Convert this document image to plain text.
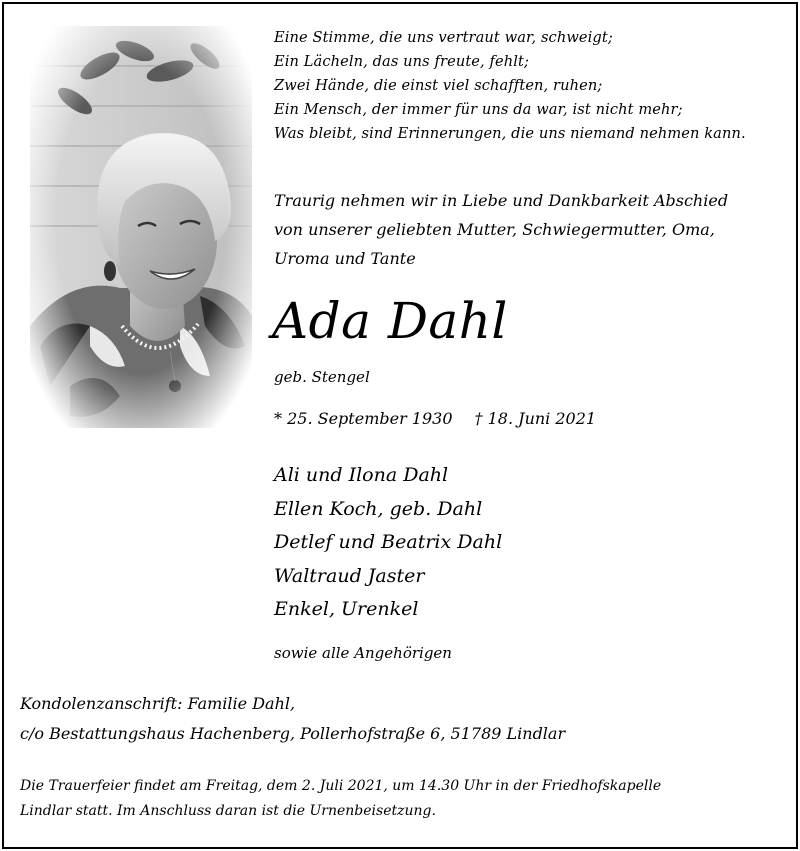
Eine Stimme, die uns vertraut war, schweigt;
Ein Lächeln, das uns freute, fehlt;
Zwei Hände, die einst viel schafften, ruhen;
Ein Mensch, der immer für uns da war, ist nicht mehr;
Was bleibt, sind Erinnerungen, die uns niemand nehmen kann.
Traurig nehmen wir in Liebe und Dankbarkeit Abschied
von unserer geliebten Mutter, Schwiegermutter, Oma,
Uroma und Tante
Ada Dahl
geb. Stengel
* 25. September 1930 † 18. Juni 2021
Ali und Ilona Dahl
Ellen Koch, geb. Dahl
Detlef und Beatrix Dahl
Waltraud Jaster
Enkel, Urenkel
sowie alle Angehörigen
Kondolenzanschrift: Familie Dahl,
c/o Bestattungshaus Hachenberg, Pollerhofstraße 6, 51789 Lindlar
Die Trauerfeier findet am Freitag, dem 2. Juli 2021, um 14.30 Uhr in der Friedhofskapelle
Lindlar statt. Im Anschluss daran ist die Urnenbeisetzung.
